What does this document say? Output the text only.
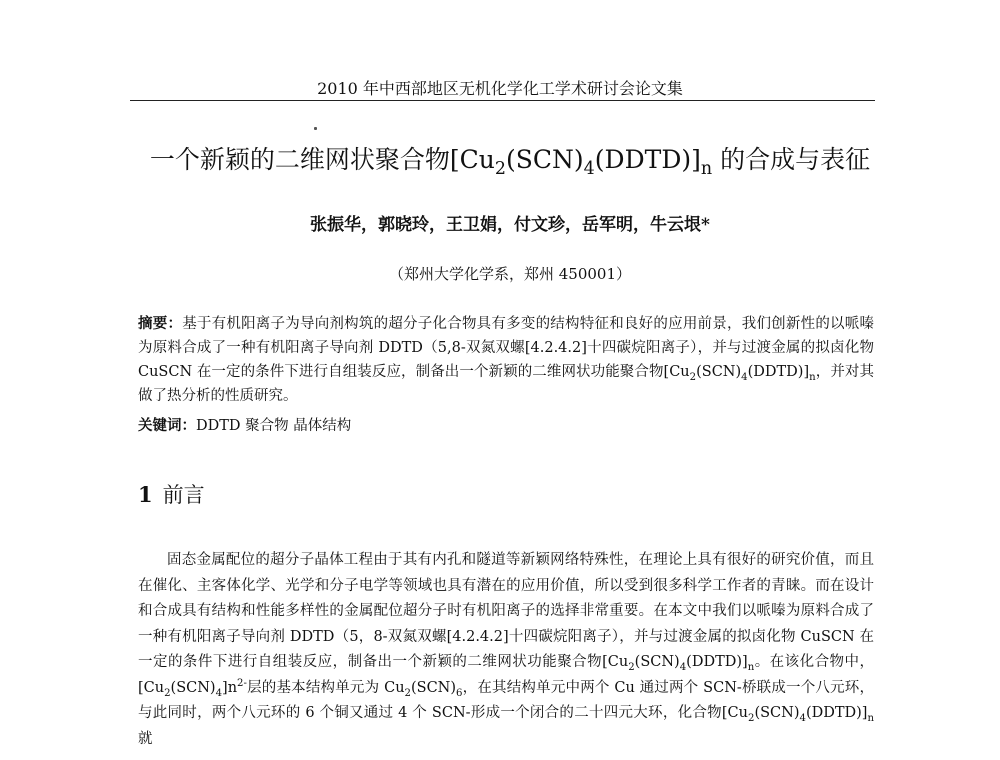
2010 年中西部地区无机化学化工学术研讨会论文集
一个新颖的二维网状聚合物$[Cu_2(SCN)_4(DDTD)]_n$ 的合成与表征
张振华，郭晓玲，王卫娟，付文珍，岳军明，牛云垠*
（郑州大学化学系，郑州 450001）
摘要：基于有机阳离子为导向剂构筑的超分子化合物具有多变的结构特征和良好的应用前景，我们创新性的以哌嗪为原料合成了一种有机阳离子导向剂 DDTD（5,8-双氮双螺[4.2.4.2]十四碳烷阳离子），并与过渡金属的拟卤化物 CuSCN 在一定的条件下进行自组装反应，制备出一个新颖的二维网状功能聚合物$[Cu_2(SCN)_4(DDTD)]_n$，并对其做了热分析的性质研究。
关键词：DDTD 聚合物 晶体结构
1 前言
固态金属配位的超分子晶体工程由于其有内孔和隧道等新颖网络特殊性，在理论上具有很好的研究价值，而且在催化、主客体化学、光学和分子电学等领域也具有潜在的应用价值，所以受到很多科学工作者的青睐。而在设计和合成具有结构和性能多样性的金属配位超分子时有机阳离子的选择非常重要。在本文中我们以哌嗪为原料合成了一种有机阳离子导向剂 DDTD（5，8-双氮双螺[4.2.4.2]十四碳烷阳离子），并与过渡金属的拟卤化物 CuSCN 在一定的条件下进行自组装反应，制备出一个新颖的二维网状功能聚合物$[Cu_2(SCN)_4(DDTD)]_n$。在该化合物中，$[Cu_2(SCN)_4]n^{2-}$层的基本结构单元为 $Cu_2(SCN)_6$，在其结构单元中两个 Cu 通过两个 SCN-桥联成一个八元环，与此同时，两个八元环的 6 个铜又通过 4 个 SCN-形成一个闭合的二十四元大环，化合物$[Cu_2(SCN)_4(DDTD)]_n$就
